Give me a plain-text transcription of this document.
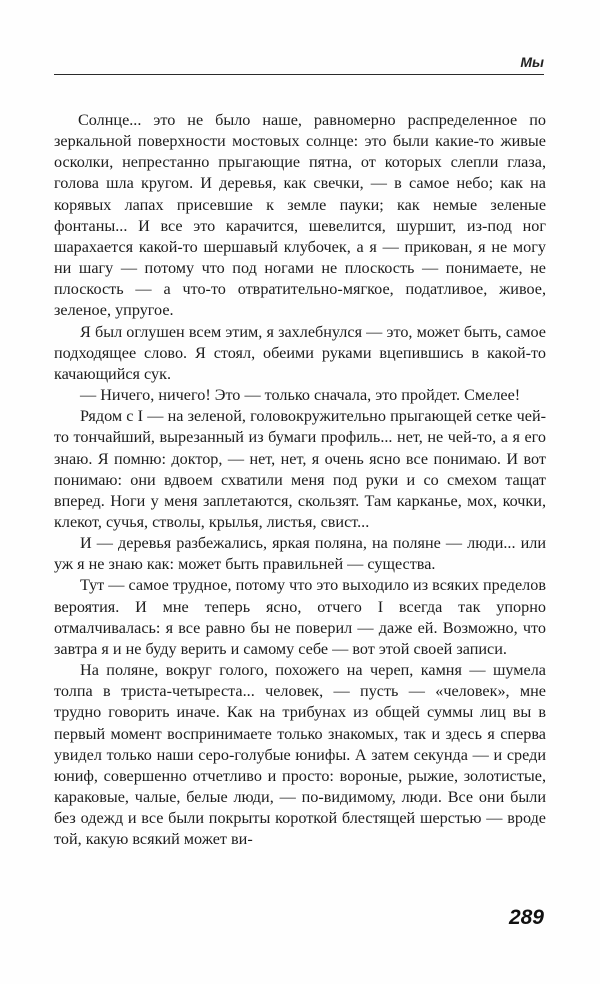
Мы

Солнце... это не было наше, равномерно распределенное по зеркальной поверхности мостовых солнце: это были какие-то живые осколки, непрестанно прыгающие пятна, от которых слепли глаза, голова шла кругом. И деревья, как свечки, — в самое небо; как на корявых лапах присевшие к земле пауки; как немые зеленые фонтаны... И все это карачится, шевелится, шуршит, из-под ног шарахается какой-то шершавый клубочек, а я — прикован, я не могу ни шагу — потому что под ногами не плоскость — понимаете, не плоскость — а что-то отвратительно-мягкое, податливое, живое, зеленое, упругое.

Я был оглушен всем этим, я захлебнулся — это, может быть, самое подходящее слово. Я стоял, обеими руками вцепившись в какой-то качающийся сук.

— Ничего, ничего! Это — только сначала, это пройдет. Смелее!

Рядом с I — на зеленой, головокружительно прыгающей сетке чей-то тончайший, вырезанный из бумаги профиль... нет, не чей-то, а я его знаю. Я помню: доктор, — нет, нет, я очень ясно все понимаю. И вот понимаю: они вдвоем схватили меня под руки и со смехом тащат вперед. Ноги у меня заплетаются, скользят. Там карканье, мох, кочки, клекот, сучья, стволы, крылья, листья, свист...

И — деревья разбежались, яркая поляна, на поляне — люди... или уж я не знаю как: может быть правильней — существа.

Тут — самое трудное, потому что это выходило из всяких пределов вероятия. И мне теперь ясно, отчего I всегда так упорно отмалчивалась: я все равно бы не поверил — даже ей. Возможно, что завтра я и не буду верить и самому себе — вот этой своей записи.

На поляне, вокруг голого, похожего на череп, камня — шумела толпа в триста-четыреста... человек, — пусть — «человек», мне трудно говорить иначе. Как на трибунах из общей суммы лиц вы в первый момент воспринимаете только знакомых, так и здесь я сперва увидел только наши серо-голубые юнифы. А затем секунда — и среди юниф, совершенно отчетливо и просто: вороные, рыжие, золотистые, караковые, чалые, белые люди, — по-видимому, люди. Все они были без одежд и все были покрыты короткой блестящей шерстью — вроде той, какую всякий может ви-

289
